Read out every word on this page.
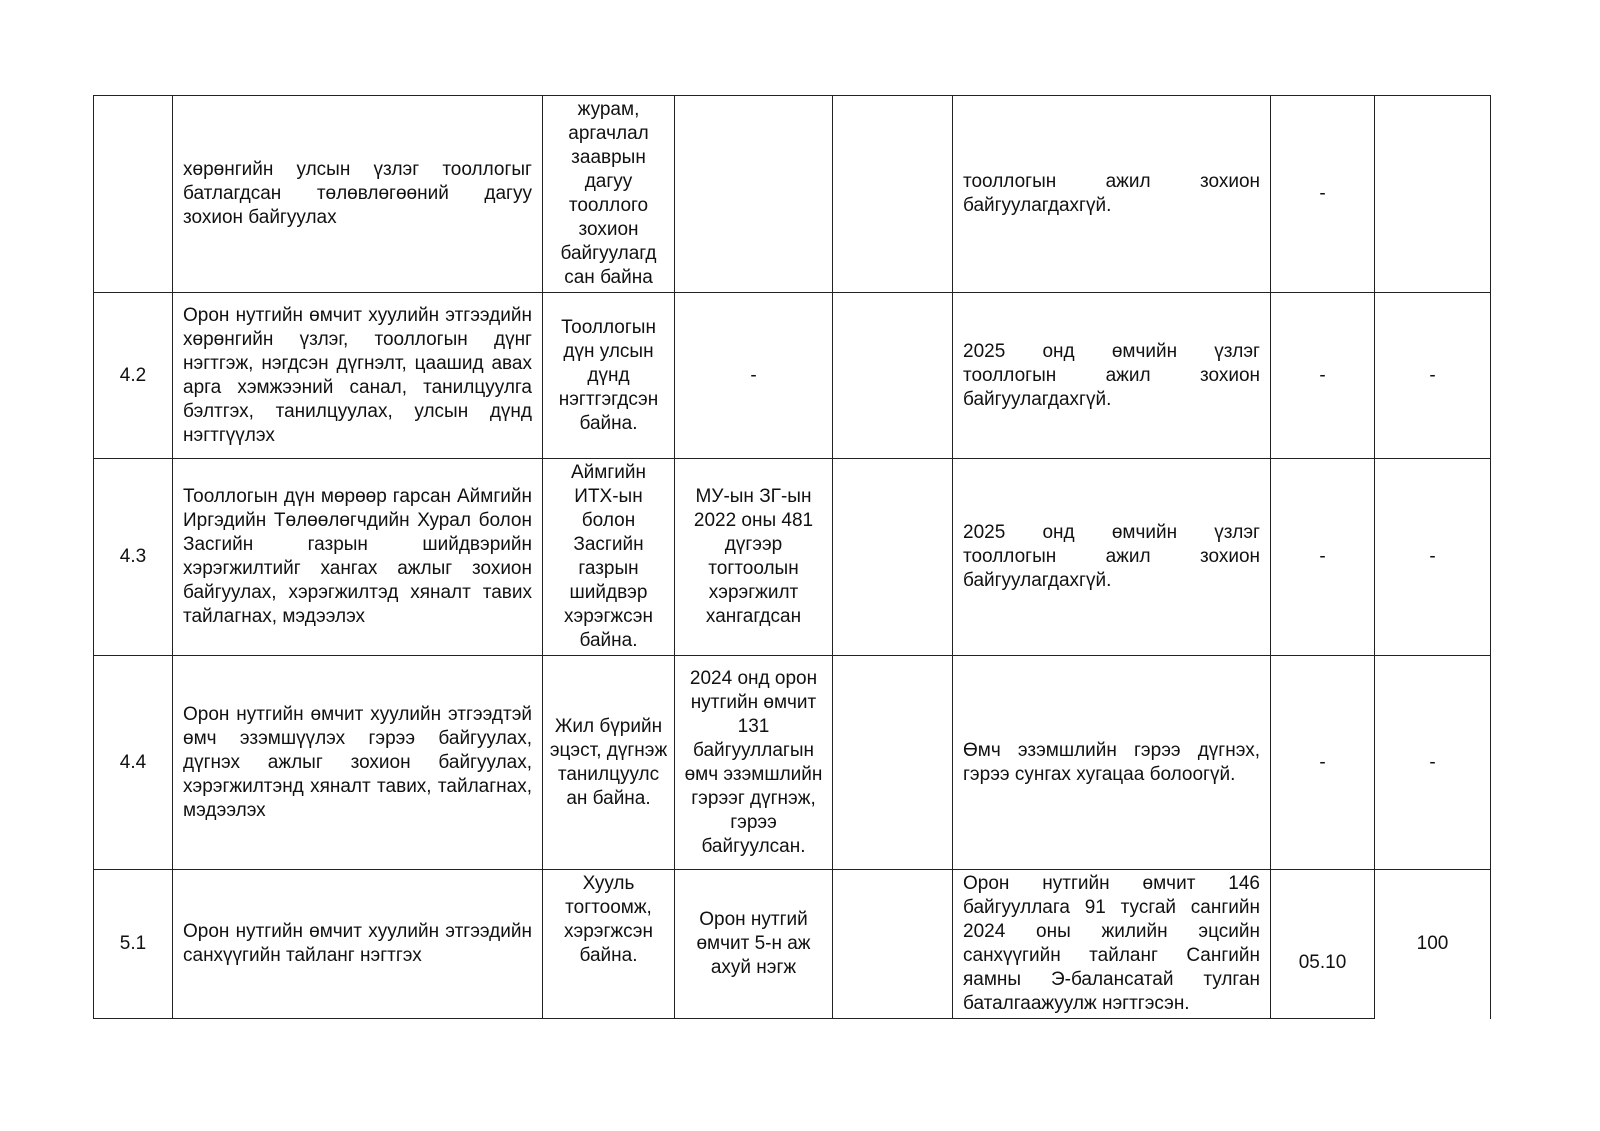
	хөрөнгийн улсын үзлэг тооллогыг батлагдсан төлөвлөгөөний дагуу зохион байгуулах	журам, аргачлал зааврын дагуу тооллого зохион байгуулагд сан байна			тооллогын ажил зохион байгуулагдахгүй.	-	
4.2	Орон нутгийн өмчит хуулийн этгээдийн хөрөнгийн үзлэг, тооллогын дүнг нэгтгэж, нэгдсэн дүгнэлт, цаашид авах арга хэмжээний санал, танилцуулга бэлтгэх, танилцуулах, улсын дүнд нэгтгүүлэх	Тооллогын дүн улсын дүнд нэгтгэгдсэн байна.	-		2025 онд өмчийн үзлэг тооллогын ажил зохион байгуулагдахгүй.	-	-
4.3	Тооллогын дүн мөрөөр гарсан Аймгийн Иргэдийн Төлөөлөгчдийн Хурал болон Засгийн газрын шийдвэрийн хэрэгжилтийг хангах ажлыг зохион байгуулах, хэрэгжилтэд хяналт тавих тайлагнах, мэдээлэх	Аймгийн ИТХ-ын болон Засгийн газрын шийдвэр хэрэгжсэн байна.	МУ-ын ЗГ-ын 2022 оны 481 дүгээр тогтоолын хэрэгжилт хангагдсан		2025 онд өмчийн үзлэг тооллогын ажил зохион байгуулагдахгүй.	-	-
4.4	Орон нутгийн өмчит хуулийн этгээдтэй өмч эзэмшүүлэх гэрээ байгуулах, дүгнэх ажлыг зохион байгуулах, хэрэгжилтэнд хяналт тавих, тайлагнах, мэдээлэх	Жил бүрийн эцэст, дүгнэж танилцуулс ан байна.	2024 онд орон нутгийн өмчит 131 байгууллагын өмч эзэмшлийн гэрээг дүгнэж, гэрээ байгуулсан.		Өмч эзэмшлийн гэрээ дүгнэх, гэрээ сунгах хугацаа болоогүй.	-	-
5.1	Орон нутгийн өмчит хуулийн этгээдийн санхүүгийн тайланг нэгтгэх	Хууль тогтоомж, хэрэгжсэн байна.	Орон нутгий өмчит 5-н аж ахуй нэгж		Орон нутгийн өмчит 146 байгууллага 91 тусгай сангийн 2024 оны жилийн эцсийн санхүүгийн тайланг Сангийн яамны Э-балансатай тулган баталгаажуулж нэгтгэсэн.	05.10	100
